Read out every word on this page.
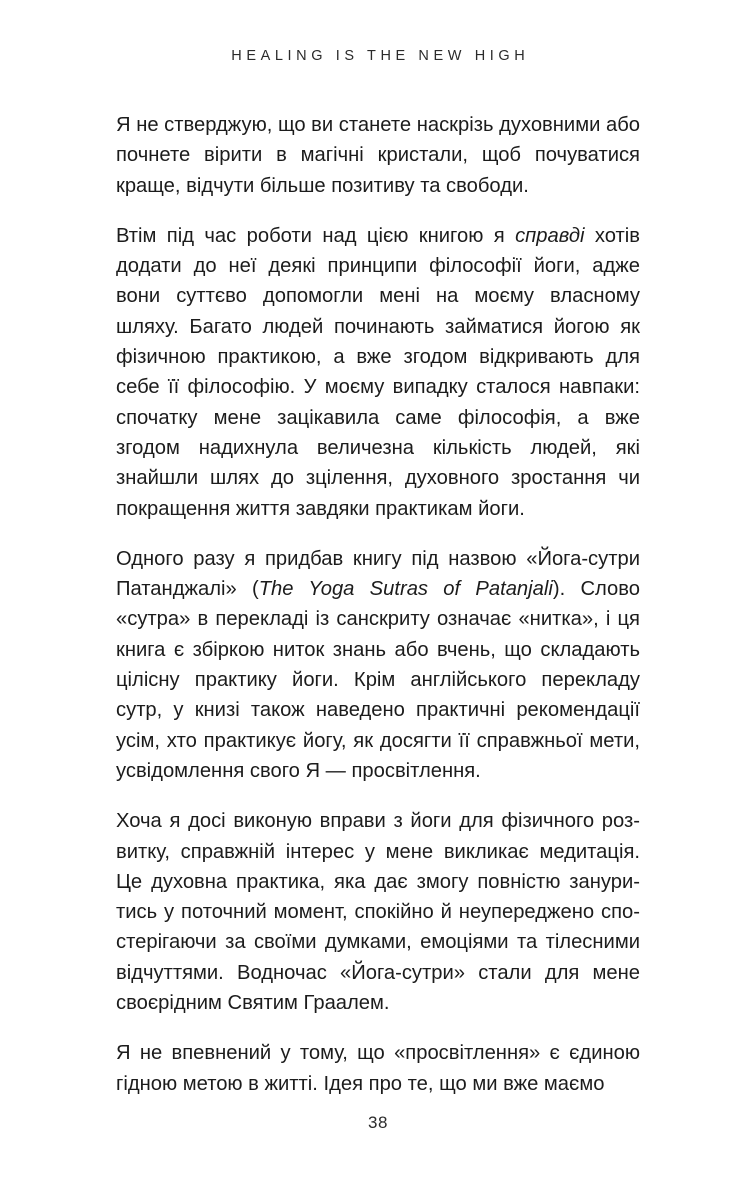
HEALING IS THE NEW HIGH

Я не стверджую, що ви станете наскрізь духовними або почнете вірити в магічні кристали, щоб почуватися краще, відчути більше позитиву та свободи.

Втім під час роботи над цією книгою я справді хотів додати до неї деякі принципи філософії йоги, адже вони суттєво допомогли мені на моєму власному шляху. Багато людей починають займатися йогою як фізичною практикою, а вже згодом відкривають для себе її філософію. У моєму випадку сталося навпаки: спочатку мене зацікавила саме філософія, а вже згодом надихнула величезна кількість людей, які знайшли шлях до зцілення, духовного зростання чи покращення життя завдяки практикам йоги.

Одного разу я придбав книгу під назвою «Йога-сутри Патанджалі» (The Yoga Sutras of Patanjali). Слово «сутра» в перекладі із санскриту означає «нитка», і ця книга є збіркою ниток знань або вчень, що складають цілісну практику йоги. Крім англійського перекладу сутр, у книзі також наведено практичні рекомендації усім, хто практикує йогу, як досягти її справжньої мети, усвідомлення свого Я — просвітлення.

Хоча я досі виконую вправи з йоги для фізичного розвитку, справжній інтерес у мене викликає медитація. Це духовна практика, яка дає змогу повністю зануритись у поточний момент, спокійно й неупереджено спостерігаючи за своїми думками, емоціями та тілесними відчуттями. Водночас «Йога-сутри» стали для мене своєрідним Святим Граалем.

Я не впевнений у тому, що «просвітлення» є єдиною гідною метою в житті. Ідея про те, що ми вже маємо

38
